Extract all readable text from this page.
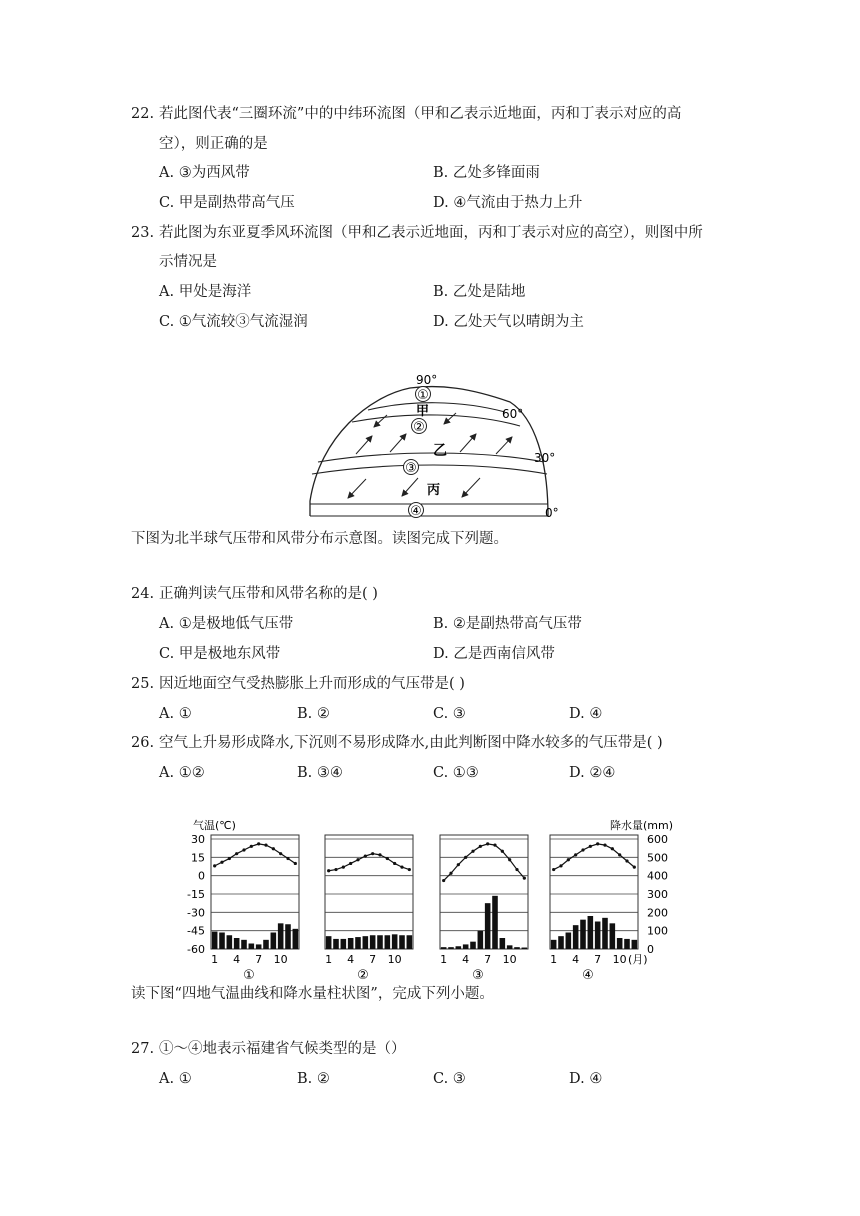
22. 若此图代表“三圈环流”中的中纬环流图（甲和乙表示近地面，丙和丁表示对应的高
空），则正确的是
A. ③为西风带	B. 乙处多锋面雨
C. 甲是副热带高气压	D. ④气流由于热力上升
23. 若此图为东亚夏季风环流图（甲和乙表示近地面，丙和丁表示对应的高空），则图中所
示情况是
A. 甲处是海洋	B. 乙处是陆地
C. ①气流较③气流湿润	D. 乙处天气以晴朗为主
①
②
③
④
甲
乙
丙
90°
60°
30°
0°
下图为北半球气压带和风带分布示意图。读图完成下列题。
24. 正确判读气压带和风带名称的是( )
A. ①是极地低气压带	B. ②是副热带高气压带
C. 甲是极地东风带	D. 乙是西南信风带
25. 因近地面空气受热膨胀上升而形成的气压带是( )
A. ①	B. ②	C. ③	D. ④
26. 空气上升易形成降水,下沉则不易形成降水,由此判断图中降水较多的气压带是( )
A. ①②	B. ③④	C. ①③	D. ②④
气温(℃)	降水量(mm)
30
15
0
-15
-30
-45
-60
600
500
400
300
200
100
0
1 4 7 10
①
1 4 7 10
②
1 4 7 10
③
1 4 7 10 (月)
④
读下图“四地气温曲线和降水量柱状图”，完成下列小题。
27. ①～④地表示福建省气候类型的是（）
A. ①	B. ②	C. ③	D. ④
